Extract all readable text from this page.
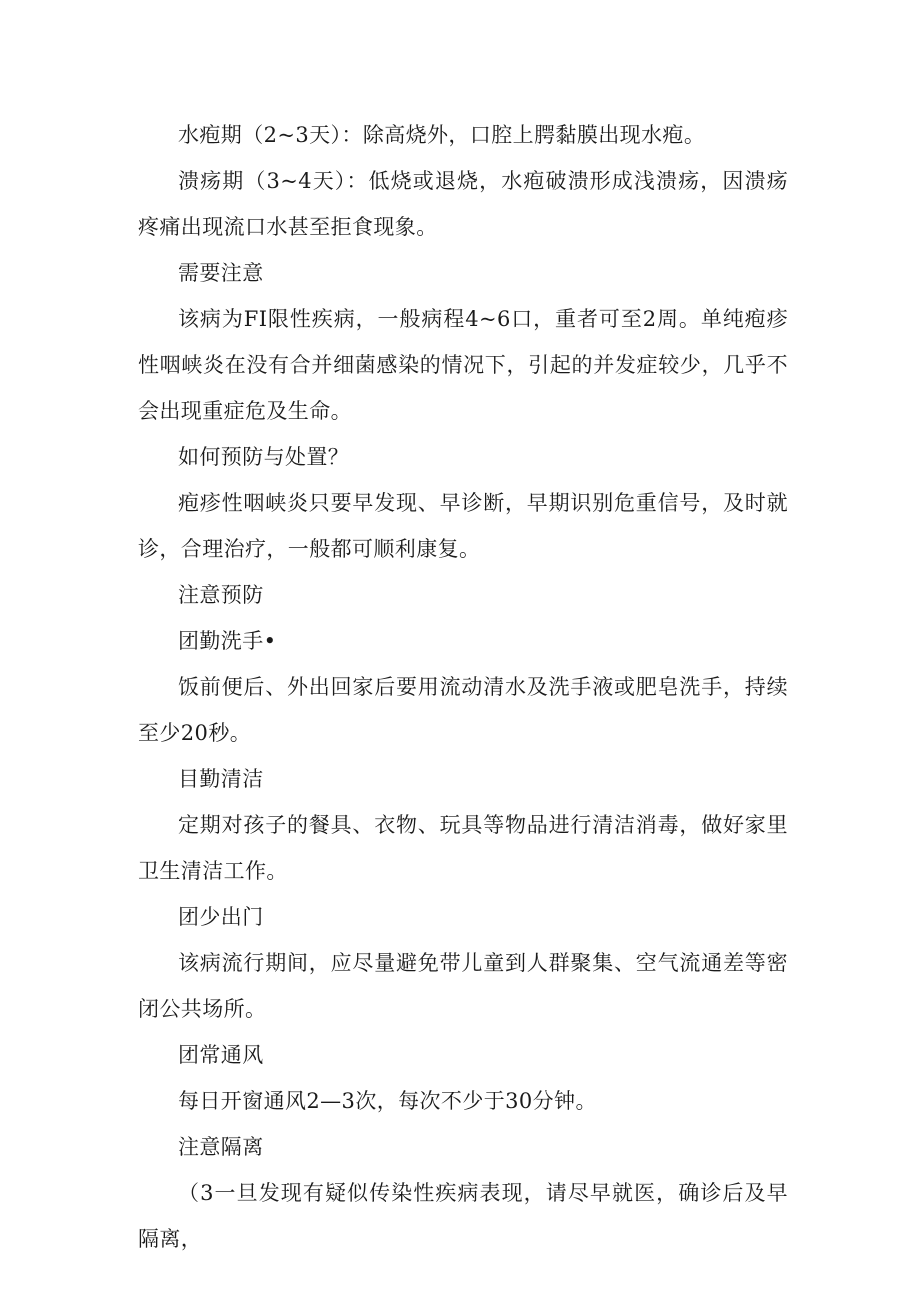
水疱期（2~3天）：除高烧外，口腔上腭黏膜出现水疱。

溃疡期（3~4天）：低烧或退烧，水疱破溃形成浅溃疡，因溃疡疼痛出现流口水甚至拒食现象。

需要注意

该病为FI限性疾病，一般病程4~6口，重者可至2周。单纯疱疹性咽峡炎在没有合并细菌感染的情况下，引起的并发症较少，几乎不会出现重症危及生命。

如何预防与处置？

疱疹性咽峡炎只要早发现、早诊断，早期识别危重信号，及时就诊，合理治疗，一般都可顺利康复。

注意预防

团勤洗手•

饭前便后、外出回家后要用流动清水及洗手液或肥皂洗手，持续至少20秒。

目勤清洁

定期对孩子的餐具、衣物、玩具等物品进行清洁消毒，做好家里卫生清洁工作。

团少出门

该病流行期间，应尽量避免带儿童到人群聚集、空气流通差等密闭公共场所。

团常通风

每日开窗通风2—3次，每次不少于30分钟。

注意隔离

（3一旦发现有疑似传染性疾病表现，请尽早就医，确诊后及早隔离，
